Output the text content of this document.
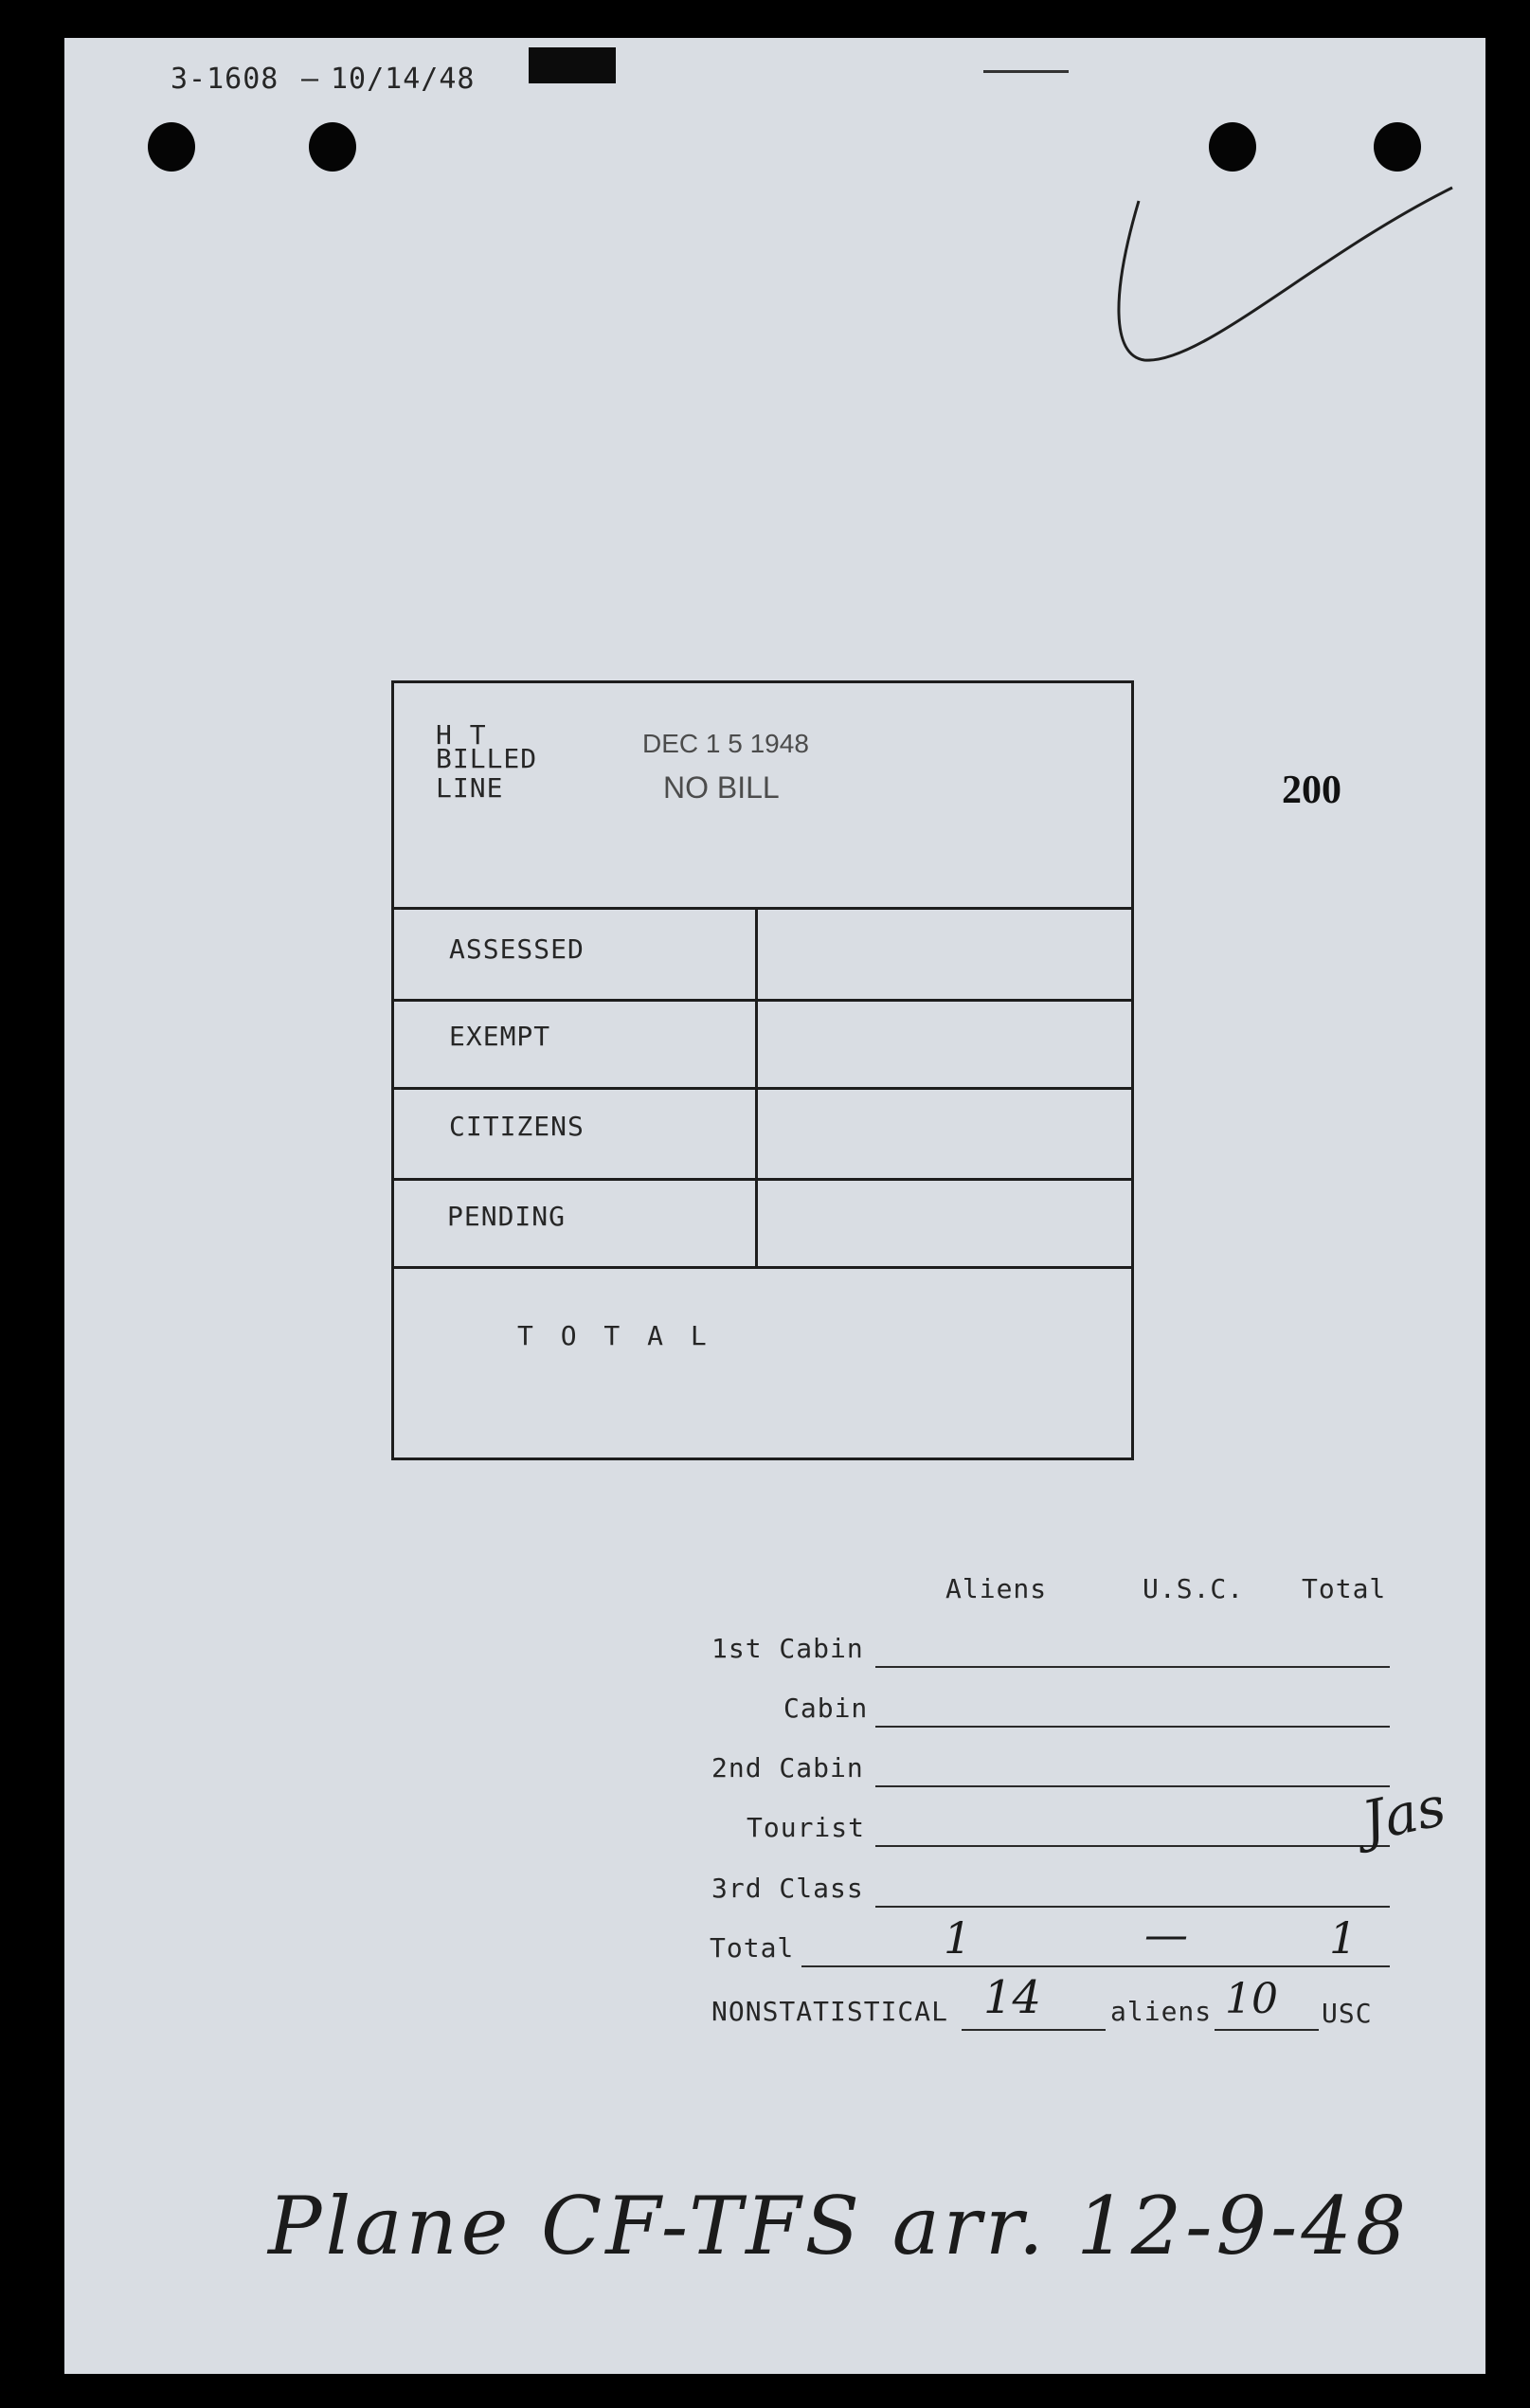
3-1608 – 10/14/48
H T
BILLED
LINE
DEC 1 5 1948
NO BILL
ASSESSED
EXEMPT
CITIZENS
PENDING
T O T A L
200
Aliens	U.S.C. Total
1st Cabin
Cabin
2nd Cabin
Tourist
3rd Class
Total	1	—	1
NONSTATISTICAL 14	aliens 10 USC
Jas
Plane CF-TFS arr. 12-9-48
